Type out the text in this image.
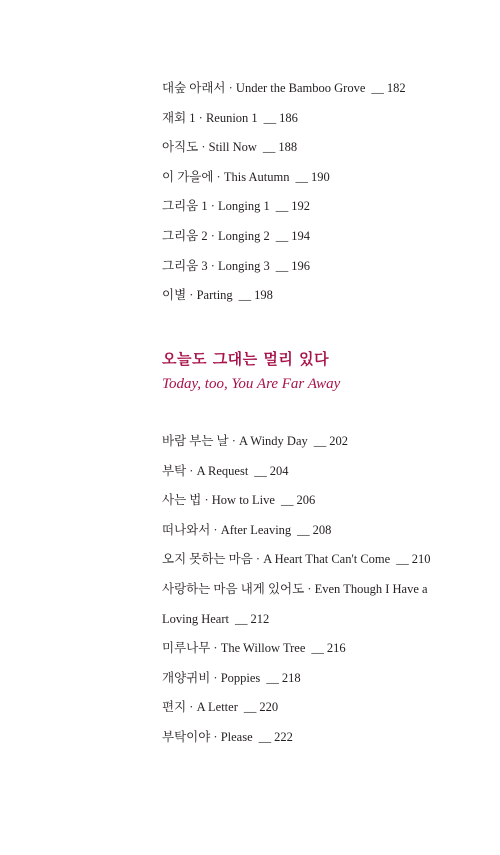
대숲 아래서 · Under the Bamboo Grove __ 182
재회 1 · Reunion 1 __ 186
아직도 · Still Now __ 188
이 가을에 · This Autumn __ 190
그리움 1 · Longing 1 __ 192
그리움 2 · Longing 2 __ 194
그리움 3 · Longing 3 __ 196
이별 · Parting __ 198
오늘도 그대는 멀리 있다

Today, too, You Are Far Away

바람 부는 날 · A Windy Day __ 202
부탁 · A Request __ 204
사는 법 · How to Live __ 206
떠나와서 · After Leaving __ 208
오지 못하는 마음 · A Heart That Can't Come __ 210
사랑하는 마음 내게 있어도 · Even Though I Have a
Loving Heart __ 212
미루나무 · The Willow Tree __ 216
개양귀비 · Poppies __ 218
편지 · A Letter __ 220
부탁이야 · Please __ 222
